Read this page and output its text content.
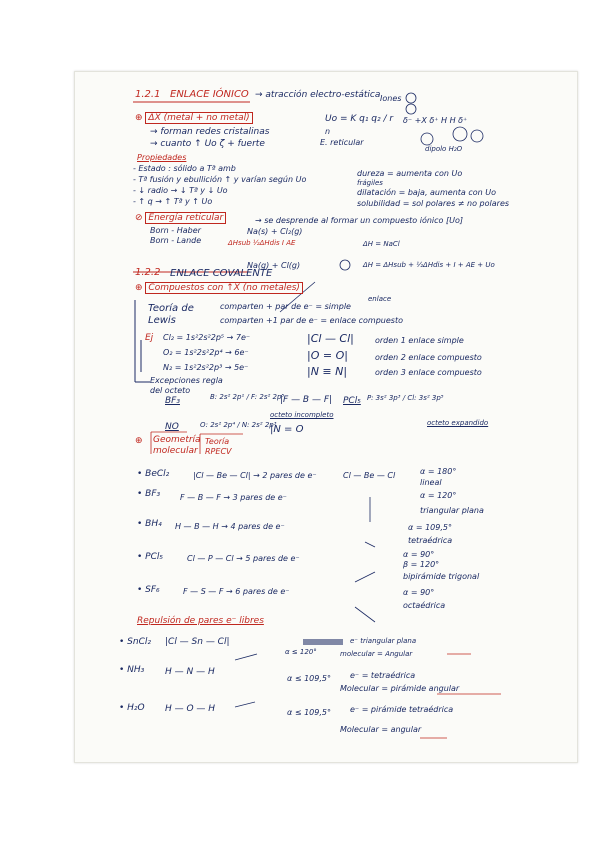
1.2.1 ENLACE IÓNICO → atracción electro-estática Iones
⊕ ΔX (metal + no metal)
→ forman redes cristalinas
→ cuanto ↑ Uo ζ + fuerte
Uo = K q₁ q₂ / r
n
E. reticular
δ⁻ +X δ⁺ H H δ⁺
dipolo H₂O
Propiedades
- Estado : sólido a Tª amb
- Tª fusión y ebullición ↑ y varían según Uo
- ↓ radio → ↓ Tª y ↓ Uo
- ↑ q → ↑ Tª y ↑ Uo
dureza = aumenta con Uo
frágiles
dilatación = baja, aumenta con Uo
solubilidad = sol polares ≠ no polares
⊘ Energía reticular	→ se desprende al formar un compuesto iónico [Uo]
Born - Haber
Born - Lande
Na(s) + Cl₂(g)
ΔHsub ½ΔHdis I AE
Na(g) + Cl(g)
ΔH = NaCl
ΔH = ΔHsub + ½ΔHdis + I + AE + Uo
1.2.2 ENLACE COVALENTE
⊕ Compuestos con ↑X (no metales)
Teoría de
Lewis
comparten + par de e⁻ = simple
enlace
comparten +1 par de e⁻ = enlace compuesto
Ej Cl₂ = 1s²2s²2p⁵ → 7e⁻
O₂ = 1s²2s²2p⁴ → 6e⁻
N₂ = 1s²2s²2p³ → 5e⁻
|Cl — Cl|
|O = O|
|N ≡ N|
orden 1 enlace simple
orden 2 enlace compuesto
orden 3 enlace compuesto
Excepciones regla
del octeto
BF₃	B: 2s² 2p¹ / F: 2s² 2p⁵
|F — B — F|
octeto incompleto
PCl₅ P: 3s² 3p³ / Cl: 3s² 3p⁵
octeto expandido
NO	O: 2s² 2p⁴ / N: 2s² 2p³
|N = O
⊕ Geometría
molecular
Teoría
RPECV
• BeCl₂	|Cl — Be — Cl| → 2 pares de e⁻	Cl — Be — Cl	α = 180°
lineal
• BF₃ F — B — F → 3 pares de e⁻	α = 120°
triangular plana
• BH₄ H — B — H → 4 pares de e⁻	α = 109,5°
tetraédrica
• PCl₅	Cl — P — Cl → 5 pares de e⁻	α = 90°
β = 120°
bipirámide trigonal
• SF₆	F — S — F → 6 pares de e⁻	α = 90°
octaédrica
Repulsión de pares e⁻ libres
• SnCl₂ |Cl — Sn — Cl|
α ≤ 120°
e⁻ triangular plana
molecular = Angular
• NH₃ H — N — H
α ≤ 109,5° e⁻ = tetraédrica
Molecular = pirámide angular
• H₂O H — O — H	α ≤ 109,5° e⁻ = pirámide tetraédrica
Molecular = angular
